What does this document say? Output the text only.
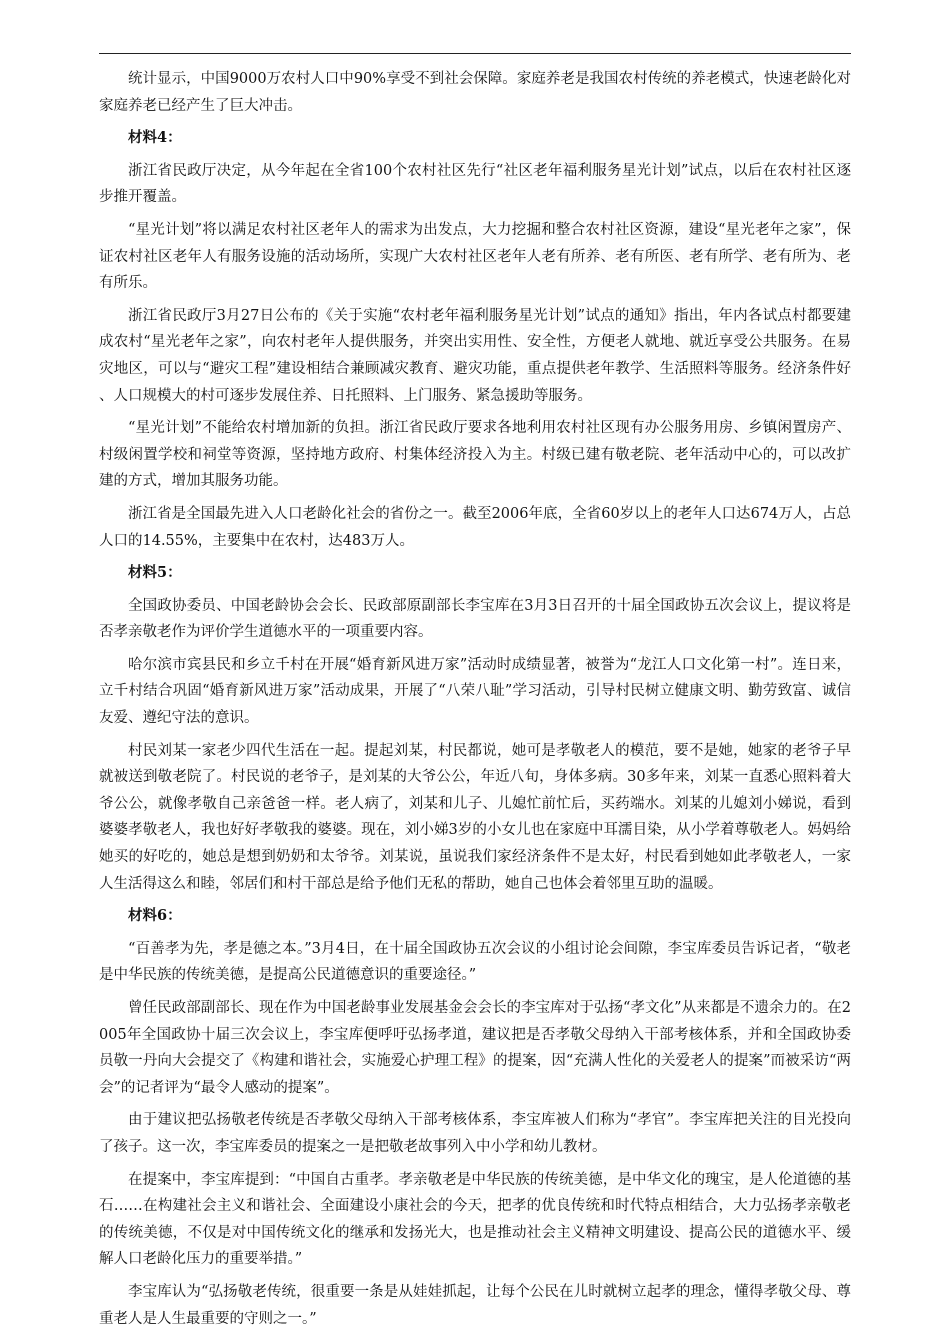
统计显示，中国9000万农村人口中90%享受不到社会保障。家庭养老是我国农村传统的养老模式，快速老龄化对家庭养老已经产生了巨大冲击。

材料4：

浙江省民政厅决定，从今年起在全省100个农村社区先行“社区老年福利服务星光计划”试点，以后在农村社区逐步推开覆盖。

“星光计划”将以满足农村社区老年人的需求为出发点，大力挖掘和整合农村社区资源，建设“星光老年之家”，保证农村社区老年人有服务设施的活动场所，实现广大农村社区老年人老有所养、老有所医、老有所学、老有所为、老有所乐。

浙江省民政厅3月27日公布的《关于实施“农村老年福利服务星光计划”试点的通知》指出，年内各试点村都要建成农村“星光老年之家”，向农村老年人提供服务，并突出实用性、安全性，方便老人就地、就近享受公共服务。在易灾地区，可以与“避灾工程”建设相结合兼顾减灾教育、避灾功能，重点提供老年教学、生活照料等服务。经济条件好、人口规模大的村可逐步发展住养、日托照料、上门服务、紧急援助等服务。

“星光计划”不能给农村增加新的负担。浙江省民政厅要求各地利用农村社区现有办公服务用房、乡镇闲置房产、村级闲置学校和祠堂等资源，坚持地方政府、村集体经济投入为主。村级已建有敬老院、老年活动中心的，可以改扩建的方式，增加其服务功能。

浙江省是全国最先进入人口老龄化社会的省份之一。截至2006年底，全省60岁以上的老年人口达674万人，占总人口的14.55%，主要集中在农村，达483万人。

材料5：

全国政协委员、中国老龄协会会长、民政部原副部长李宝库在3月3日召开的十届全国政协五次会议上，提议将是否孝亲敬老作为评价学生道德水平的一项重要内容。

哈尔滨市宾县民和乡立千村在开展“婚育新风进万家”活动时成绩显著，被誉为“龙江人口文化第一村”。连日来，立千村结合巩固“婚育新风进万家”活动成果，开展了“八荣八耻”学习活动，引导村民树立健康文明、勤劳致富、诚信友爱、遵纪守法的意识。

村民刘某一家老少四代生活在一起。提起刘某，村民都说，她可是孝敬老人的模范，要不是她，她家的老爷子早就被送到敬老院了。村民说的老爷子，是刘某的大爷公公，年近八旬，身体多病。30多年来，刘某一直悉心照料着大爷公公，就像孝敬自己亲爸爸一样。老人病了，刘某和儿子、儿媳忙前忙后，买药端水。刘某的儿媳刘小娣说，看到婆婆孝敬老人，我也好好孝敬我的婆婆。现在，刘小娣3岁的小女儿也在家庭中耳濡目染，从小学着尊敬老人。妈妈给她买的好吃的，她总是想到奶奶和太爷爷。刘某说，虽说我们家经济条件不是太好，村民看到她如此孝敬老人，一家人生活得这么和睦，邻居们和村干部总是给予他们无私的帮助，她自己也体会着邻里互助的温暖。

材料6：

“百善孝为先，孝是德之本。”3月4日，在十届全国政协五次会议的小组讨论会间隙，李宝库委员告诉记者，“敬老是中华民族的传统美德，是提高公民道德意识的重要途径。”

曾任民政部副部长、现在作为中国老龄事业发展基金会会长的李宝库对于弘扬“孝文化”从来都是不遗余力的。在2005年全国政协十届三次会议上，李宝库便呼吁弘扬孝道，建议把是否孝敬父母纳入干部考核体系，并和全国政协委员敬一丹向大会提交了《构建和谐社会，实施爱心护理工程》的提案，因“充满人性化的关爱老人的提案”而被采访“两会”的记者评为“最令人感动的提案”。

由于建议把弘扬敬老传统是否孝敬父母纳入干部考核体系，李宝库被人们称为“孝官”。李宝库把关注的目光投向了孩子。这一次，李宝库委员的提案之一是把敬老故事列入中小学和幼儿教材。

在提案中，李宝库提到：“中国自古重孝。孝亲敬老是中华民族的传统美德，是中华文化的瑰宝，是人伦道德的基石……在构建社会主义和谐社会、全面建设小康社会的今天，把孝的优良传统和时代特点相结合，大力弘扬孝亲敬老的传统美德，不仅是对中国传统文化的继承和发扬光大，也是推动社会主义精神文明建设、提高公民的道德水平、缓解人口老龄化压力的重要举措。”

李宝库认为“弘扬敬老传统，很重要一条是从娃娃抓起，让每个公民在儿时就树立起孝的理念，懂得孝敬父母、尊重老人是人生最重要的守则之一。”
